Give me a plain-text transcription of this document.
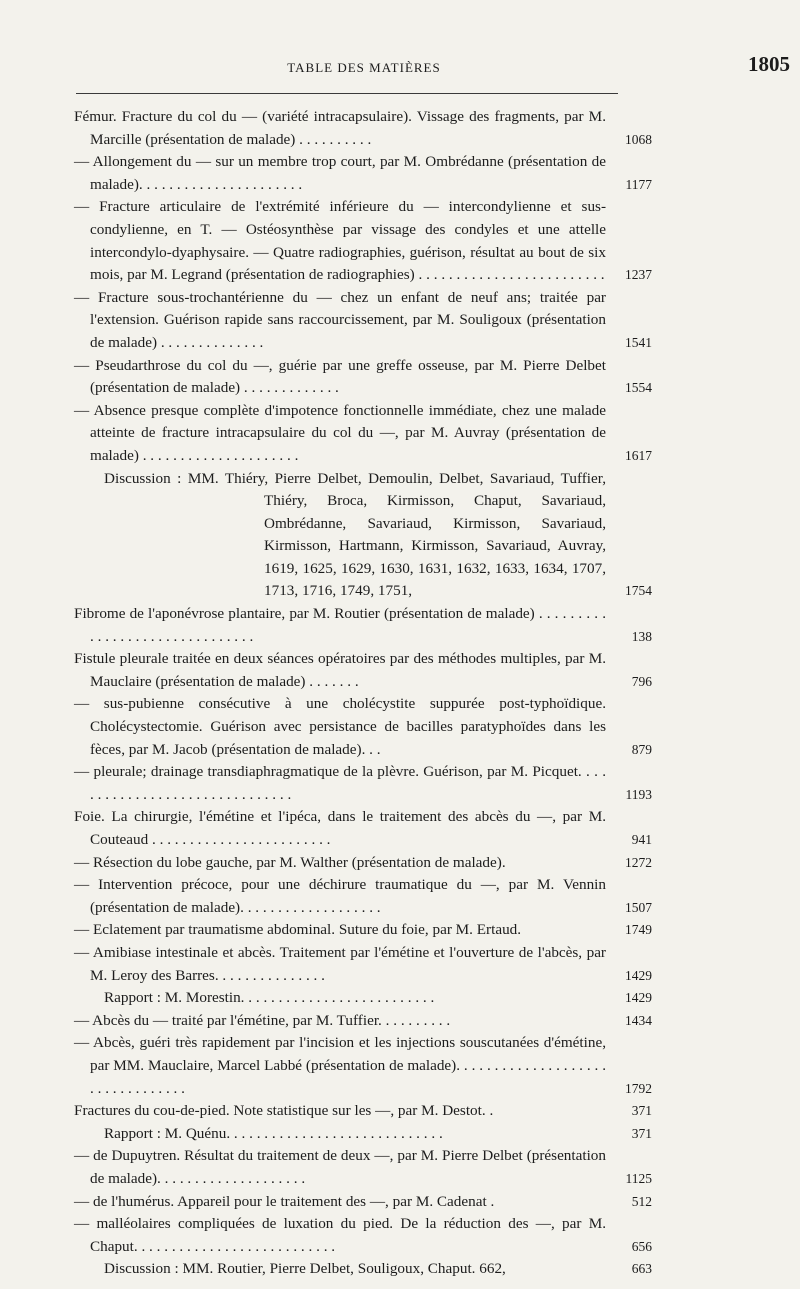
TABLE DES MATIÈRES	1805
Fémur. Fracture du col du — (variété intracapsulaire). Vissage des fragments, par M. Marcille (présentation de malade) . . . . . . . . . .	1068
— Allongement du — sur un membre trop court, par M. Ombrédanne (présentation de malade). . . . . . . . . . . . . . . . . . . . . .	1177
— Fracture articulaire de l'extrémité inférieure du — intercondylienne et sus-condylienne, en T. — Ostéosynthèse par vissage des condyles et une attelle intercondylo-dyaphysaire. — Quatre radiographies, guérison, résultat au bout de six mois, par M. Legrand (présentation de radiographies) . . . . . . . . . . . . . . . . . . . . . . . . .	1237
— Fracture sous-trochantérienne du — chez un enfant de neuf ans; traitée par l'extension. Guérison rapide sans raccourcissement, par M. Souligoux (présentation de malade) . . . . . . . . . . . . . .	1541
— Pseudarthrose du col du —, guérie par une greffe osseuse, par M. Pierre Delbet (présentation de malade) . . . . . . . . . . . . .	1554
— Absence presque complète d'impotence fonctionnelle immédiate, chez une malade atteinte de fracture intracapsulaire du col du —, par M. Auvray (présentation de malade) . . . . . . . . . . . . . . . . . . . . .	1617
Discussion : MM. Thiéry, Pierre Delbet, Demoulin, Delbet, Savariaud, Tuffier, Thiéry, Broca, Kirmisson, Chaput, Savariaud, Ombrédanne, Savariaud, Kirmisson, Savariaud, Kirmisson, Hartmann, Kirmisson, Savariaud, Auvray, 1619, 1625, 1629, 1630, 1631, 1632, 1633, 1634, 1707, 1713, 1716, 1749, 1751,	1754
Fibrome de l'aponévrose plantaire, par M. Routier (présentation de malade) . . . . . . . . . . . . . . . . . . . . . . . . . . . . . . .	138
Fistule pleurale traitée en deux séances opératoires par des méthodes multiples, par M. Mauclaire (présentation de malade) . . . . . . .	796
— sus-pubienne consécutive à une cholécystite suppurée post-typhoïdique. Cholécystectomie. Guérison avec persistance de bacilles paratyphoïdes dans les fèces, par M. Jacob (présentation de malade). . .	879
— pleurale; drainage transdiaphragmatique de la plèvre. Guérison, par M. Picquet. . . . . . . . . . . . . . . . . . . . . . . . . . . . . . .	1193
Foie. La chirurgie, l'émétine et l'ipéca, dans le traitement des abcès du —, par M. Couteaud . . . . . . . . . . . . . . . . . . . . . . . .	941
— Résection du lobe gauche, par M. Walther (présentation de malade).	1272
— Intervention précoce, pour une déchirure traumatique du —, par M. Vennin (présentation de malade). . . . . . . . . . . . . . . . . . .	1507
— Eclatement par traumatisme abdominal. Suture du foie, par M. Ertaud.	1749
— Amibiase intestinale et abcès. Traitement par l'émétine et l'ouverture de l'abcès, par M. Leroy des Barres. . . . . . . . . . . . . . .	1429
Rapport : M. Morestin. . . . . . . . . . . . . . . . . . . . . . . . . .	1429
— Abcès du — traité par l'émétine, par M. Tuffier. . . . . . . . . .	1434
— Abcès, guéri très rapidement par l'incision et les injections souscutanées d'émétine, par MM. Mauclaire, Marcel Labbé (présentation de malade). . . . . . . . . . . . . . . . . . . . . . . . . . . . . . . . .	1792
Fractures du cou-de-pied. Note statistique sur les —, par M. Destot. .	371
Rapport : M. Quénu. . . . . . . . . . . . . . . . . . . . . . . . . . . . .	371
— de Dupuytren. Résultat du traitement de deux —, par M. Pierre Delbet (présentation de malade). . . . . . . . . . . . . . . . . . . .	1125
— de l'humérus. Appareil pour le traitement des —, par M. Cadenat .	512
— malléolaires compliquées de luxation du pied. De la réduction des —, par M. Chaput. . . . . . . . . . . . . . . . . . . . . . . . . . .	656
Discussion : MM. Routier, Pierre Delbet, Souligoux, Chaput. 662,	663
